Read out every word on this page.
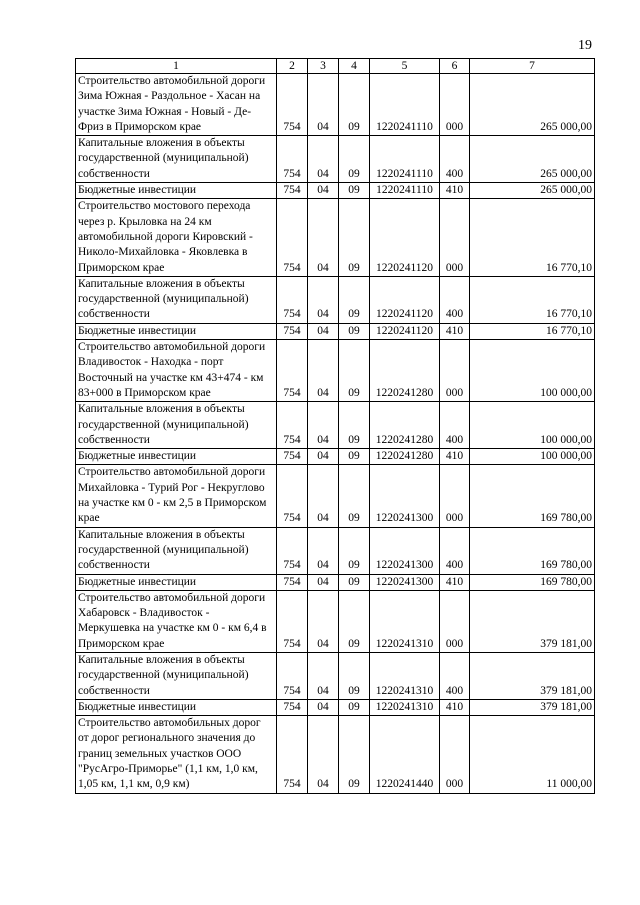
19
1	2	3	4	5	6	7
Строительство автомобильной дороги Зима Южная - Раздольное - Хасан на участке Зима Южная - Новый - Де-Фриз в Приморском крае	754	04	09	1220241110	000	265 000,00
Капитальные вложения в объекты государственной (муниципальной) собственности	754	04	09	1220241110	400	265 000,00
Бюджетные инвестиции	754	04	09	1220241110	410	265 000,00
Строительство мостового перехода через р. Крыловка на 24 км автомобильной дороги Кировский - Николо-Михайловка - Яковлевка в Приморском крае	754	04	09	1220241120	000	16 770,10
Капитальные вложения в объекты государственной (муниципальной) собственности	754	04	09	1220241120	400	16 770,10
Бюджетные инвестиции	754	04	09	1220241120	410	16 770,10
Строительство автомобильной дороги Владивосток - Находка - порт Восточный на участке км 43+474 - км 83+000 в Приморском крае	754	04	09	1220241280	000	100 000,00
Капитальные вложения в объекты государственной (муниципальной) собственности	754	04	09	1220241280	400	100 000,00
Бюджетные инвестиции	754	04	09	1220241280	410	100 000,00
Строительство автомобильной дороги Михайловка - Турий Рог - Некруглово на участке км 0 - км 2,5 в Приморском крае	754	04	09	1220241300	000	169 780,00
Капитальные вложения в объекты государственной (муниципальной) собственности	754	04	09	1220241300	400	169 780,00
Бюджетные инвестиции	754	04	09	1220241300	410	169 780,00
Строительство автомобильной дороги Хабаровск - Владивосток - Меркушевка на участке км 0 - км 6,4 в Приморском крае	754	04	09	1220241310	000	379 181,00
Капитальные вложения в объекты государственной (муниципальной) собственности	754	04	09	1220241310	400	379 181,00
Бюджетные инвестиции	754	04	09	1220241310	410	379 181,00
Строительство автомобильных дорог от дорог регионального значения до границ земельных участков ООО "РусАгро-Приморье" (1,1 км, 1,0 км, 1,05 км, 1,1 км, 0,9 км)	754	04	09	1220241440	000	11 000,00
